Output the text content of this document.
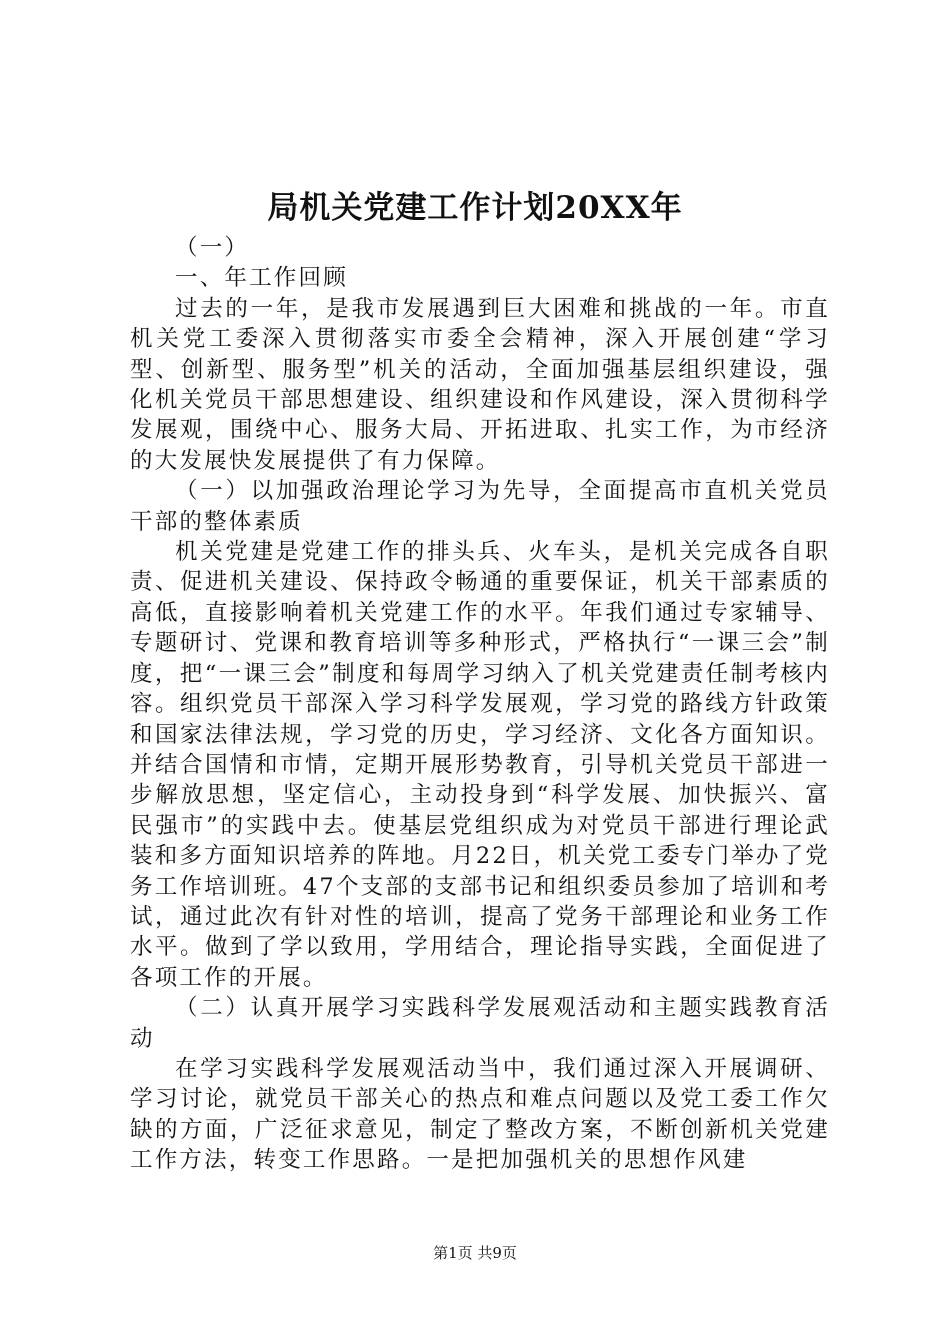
局机关党建工作计划20XX年

（一）

一、年工作回顾

过去的一年，是我市发展遇到巨大困难和挑战的一年。市直机关党工委深入贯彻落实市委全会精神，深入开展创建“学习型、创新型、服务型”机关的活动，全面加强基层组织建设，强化机关党员干部思想建设、组织建设和作风建设，深入贯彻科学发展观，围绕中心、服务大局、开拓进取、扎实工作，为市经济的大发展快发展提供了有力保障。

（一）以加强政治理论学习为先导，全面提高市直机关党员干部的整体素质

机关党建是党建工作的排头兵、火车头，是机关完成各自职责、促进机关建设、保持政令畅通的重要保证，机关干部素质的高低，直接影响着机关党建工作的水平。年我们通过专家辅导、专题研讨、党课和教育培训等多种形式，严格执行“一课三会”制度，把“一课三会”制度和每周学习纳入了机关党建责任制考核内容。组织党员干部深入学习科学发展观，学习党的路线方针政策和国家法律法规，学习党的历史，学习经济、文化各方面知识。并结合国情和市情，定期开展形势教育，引导机关党员干部进一步解放思想，坚定信心，主动投身到“科学发展、加快振兴、富民强市”的实践中去。使基层党组织成为对党员干部进行理论武装和多方面知识培养的阵地。月22日，机关党工委专门举办了党务工作培训班。47个支部的支部书记和组织委员参加了培训和考试，通过此次有针对性的培训，提高了党务干部理论和业务工作水平。做到了学以致用，学用结合，理论指导实践，全面促进了各项工作的开展。

（二）认真开展学习实践科学发展观活动和主题实践教育活动

在学习实践科学发展观活动当中，我们通过深入开展调研、学习讨论，就党员干部关心的热点和难点问题以及党工委工作欠缺的方面，广泛征求意见，制定了整改方案，不断创新机关党建工作方法，转变工作思路。一是把加强机关的思想作风建

第1页 共9页
